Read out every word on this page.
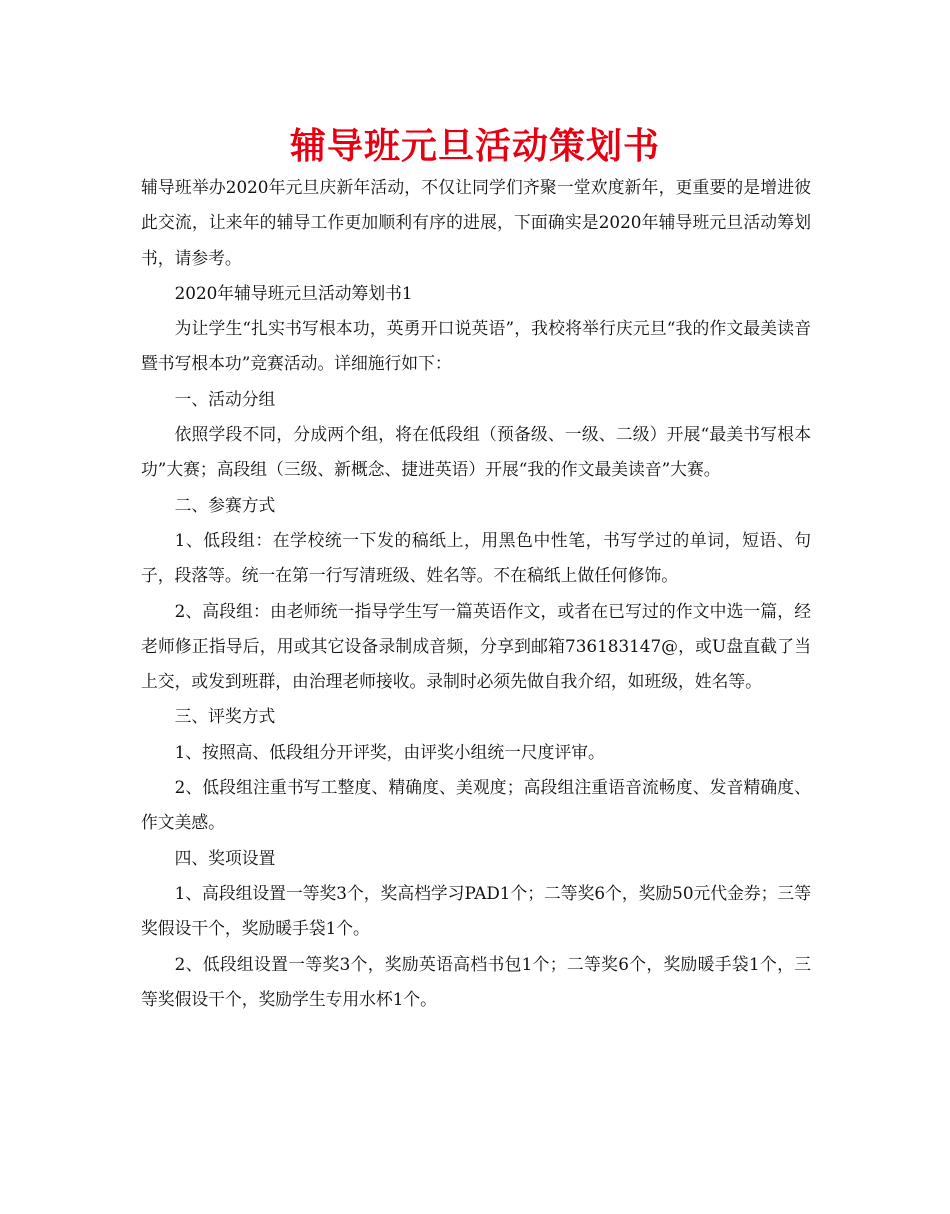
辅导班元旦活动策划书

辅导班举办2020年元旦庆新年活动，不仅让同学们齐聚一堂欢度新年，更重要的是增进彼此交流，让来年的辅导工作更加顺利有序的进展，下面确实是2020年辅导班元旦活动筹划书，请参考。

2020年辅导班元旦活动筹划书1

为让学生“扎实书写根本功，英勇开口说英语”，我校将举行庆元旦“我的作文最美读音暨书写根本功”竞赛活动。详细施行如下：

一、活动分组

依照学段不同，分成两个组，将在低段组（预备级、一级、二级）开展“最美书写根本功”大赛；高段组（三级、新概念、捷进英语）开展“我的作文最美读音”大赛。

二、参赛方式

1、低段组：在学校统一下发的稿纸上，用黑色中性笔，书写学过的单词，短语、句子，段落等。统一在第一行写清班级、姓名等。不在稿纸上做任何修饰。

2、高段组：由老师统一指导学生写一篇英语作文，或者在已写过的作文中选一篇，经老师修正指导后，用或其它设备录制成音频，分享到邮箱736183147@，或U盘直截了当上交，或发到班群，由治理老师接收。录制时必须先做自我介绍，如班级，姓名等。

三、评奖方式

1、按照高、低段组分开评奖，由评奖小组统一尺度评审。

2、低段组注重书写工整度、精确度、美观度；高段组注重语音流畅度、发音精确度、作文美感。

四、奖项设置

1、高段组设置一等奖3个，奖高档学习PAD1个；二等奖6个，奖励50元代金券；三等奖假设干个，奖励暖手袋1个。

2、低段组设置一等奖3个，奖励英语高档书包1个；二等奖6个，奖励暖手袋1个，三等奖假设干个，奖励学生专用水杯1个。
